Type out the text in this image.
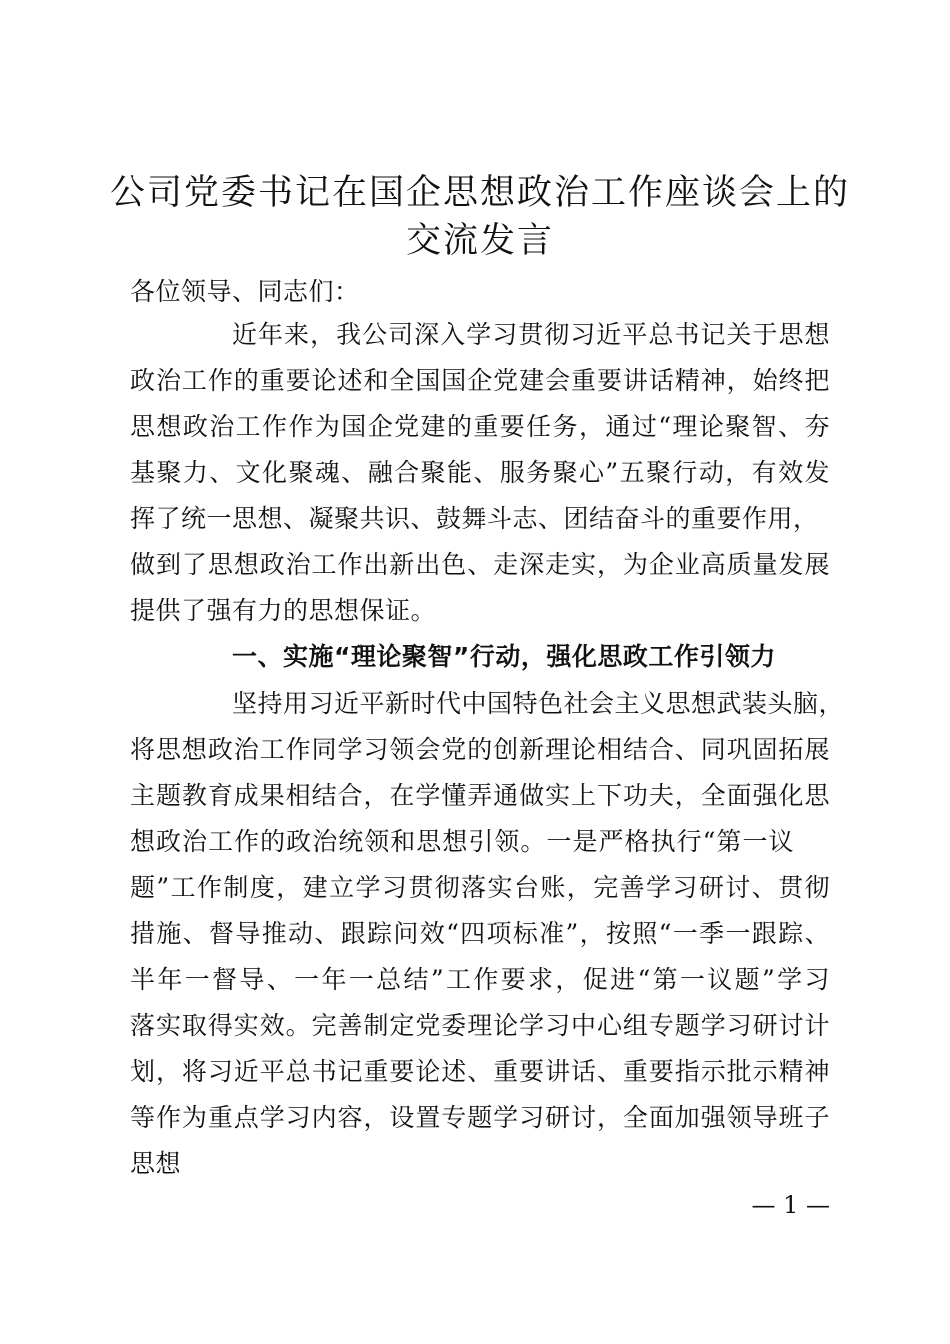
公司党委书记在国企思想政治工作座谈会上的
交流发言
各位领导、同志们：
近年来，我公司深入学习贯彻习近平总书记关于思想
政治工作的重要论述和全国国企党建会重要讲话精神，始终把
思想政治工作作为国企党建的重要任务，通过“理论聚智、夯
基聚力、文化聚魂、融合聚能、服务聚心”五聚行动，有效发
挥了统一思想、凝聚共识、鼓舞斗志、团结奋斗的重要作用，
做到了思想政治工作出新出色、走深走实，为企业高质量发展
提供了强有力的思想保证。
一、实施“理论聚智”行动，强化思政工作引领力
坚持用习近平新时代中国特色社会主义思想武装头脑，
将思想政治工作同学习领会党的创新理论相结合、同巩固拓展
主题教育成果相结合，在学懂弄通做实上下功夫，全面强化思
想政治工作的政治统领和思想引领。一是严格执行“第一议
题”工作制度，建立学习贯彻落实台账，完善学习研讨、贯彻
措施、督导推动、跟踪问效“四项标准”，按照“一季一跟踪、
半年一督导、一年一总结”工作要求，促进“第一议题”学习
落实取得实效。完善制定党委理论学习中心组专题学习研讨计
划，将习近平总书记重要论述、重要讲话、重要指示批示精神
等作为重点学习内容，设置专题学习研讨，全面加强领导班子
思想
— 1 —
